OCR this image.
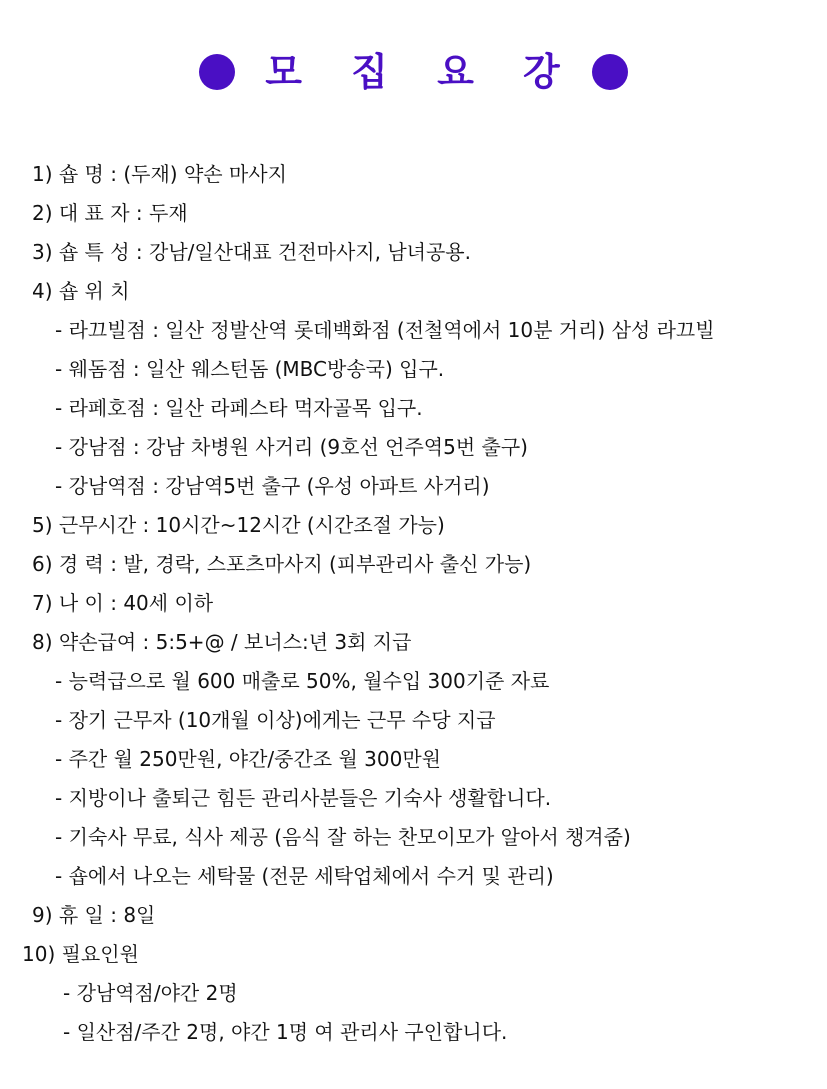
모 집 요 강
1) 숍 명 : (두재) 약손 마사지
2) 대 표 자 : 두재
3) 숍 특 성 : 강남/일산대표 건전마사지, 남녀공용.
4) 숍 위 치
- 라끄빌점 : 일산 정발산역 롯데백화점 (전철역에서 10분 거리) 삼성 라끄빌
- 웨돔점 : 일산 웨스턴돔 (MBC방송국) 입구.
- 라페호점 : 일산 라페스타 먹자골목 입구.
- 강남점 : 강남 차병원 사거리 (9호선 언주역5번 출구)
- 강남역점 : 강남역5번 출구 (우성 아파트 사거리)
5) 근무시간 : 10시간~12시간 (시간조절 가능)
6) 경 력 : 발, 경락, 스포츠마사지 (피부관리사 출신 가능)
7) 나 이 : 40세 이하
8) 약손급여 : 5:5+@ / 보너스:년 3회 지급
- 능력급으로 월 600 매출로 50%, 월수입 300기준 자료
- 장기 근무자 (10개월 이상)에게는 근무 수당 지급
- 주간 월 250만원, 야간/중간조 월 300만원
- 지방이나 출퇴근 힘든 관리사분들은 기숙사 생활합니다.
- 기숙사 무료, 식사 제공 (음식 잘 하는 찬모이모가 알아서 챙겨줌)
- 숍에서 나오는 세탁물 (전문 세탁업체에서 수거 및 관리)
9) 휴 일 : 8일
10) 필요인원
- 강남역점/야간 2명
- 일산점/주간 2명, 야간 1명 여 관리사 구인합니다.
